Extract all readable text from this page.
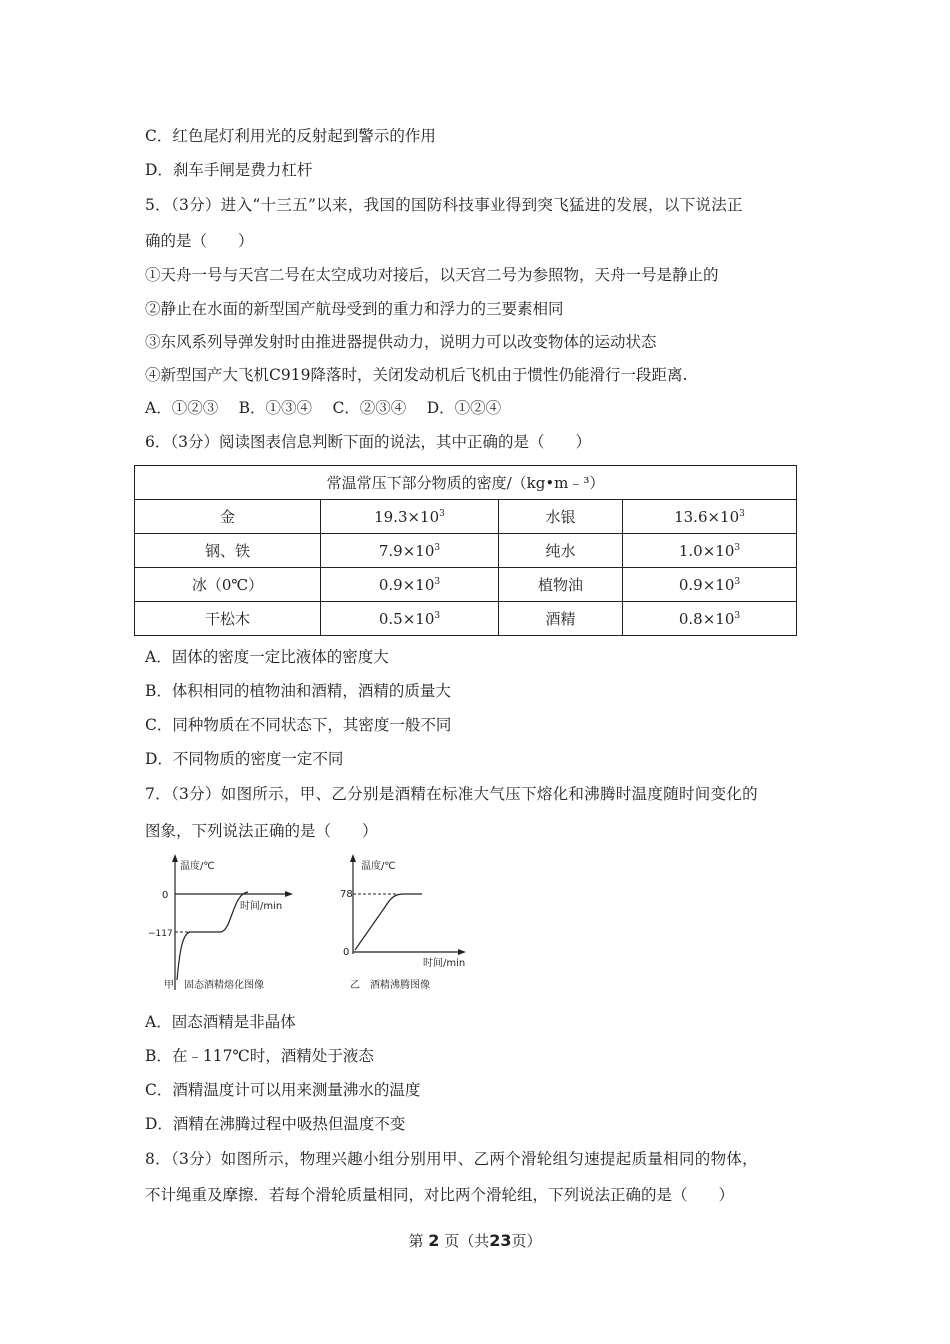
C．红色尾灯利用光的反射起到警示的作用
D．刹车手闸是费力杠杆
5．（3分）进入“十三五”以来，我国的国防科技事业得到突飞猛进的发展，以下说法正
确的是（　　）
①天舟一号与天宫二号在太空成功对接后，以天宫二号为参照物，天舟一号是静止的
②静止在水面的新型国产航母受到的重力和浮力的三要素相同
③东风系列导弹发射时由推进器提供动力，说明力可以改变物体的运动状态
④新型国产大飞机C919降落时，关闭发动机后飞机由于惯性仍能滑行一段距离.
A．①②③　 B．①③④　 C．②③④　 D．①②④
6．（3分）阅读图表信息判断下面的说法，其中正确的是（　　）
常温常压下部分物质的密度/（kg•m﹣³）			
金	$19.3\times 10^3$	水银	$13.6\times 10^3$
钢、铁	$7.9\times 10^3$	纯水	$1.0\times 10^3$
冰（0℃）	$0.9\times 10^3$	植物油	$0.9\times 10^3$
干松木	$0.5\times 10^3$	酒精	$0.8\times 10^3$
A．固体的密度一定比液体的密度大
B．体积相同的植物油和酒精，酒精的质量大
C．同种物质在不同状态下，其密度一般不同
D．不同物质的密度一定不同
7．（3分）如图所示，甲、乙分别是酒精在标准大气压下熔化和沸腾时温度随时间变化的
图象，下列说法正确的是（　　）
温度/℃
时间/min
0
−117
甲　固态酒精熔化图像
温度/℃
时间/min
0
78
乙　酒精沸腾图像
A．固态酒精是非晶体
B．在﹣117℃时，酒精处于液态
C．酒精温度计可以用来测量沸水的温度
D．酒精在沸腾过程中吸热但温度不变
8．（3分）如图所示，物理兴趣小组分别用甲、乙两个滑轮组匀速提起质量相同的物体，
不计绳重及摩擦．若每个滑轮质量相同，对比两个滑轮组，下列说法正确的是（　　）
第 2 页（共23页）
